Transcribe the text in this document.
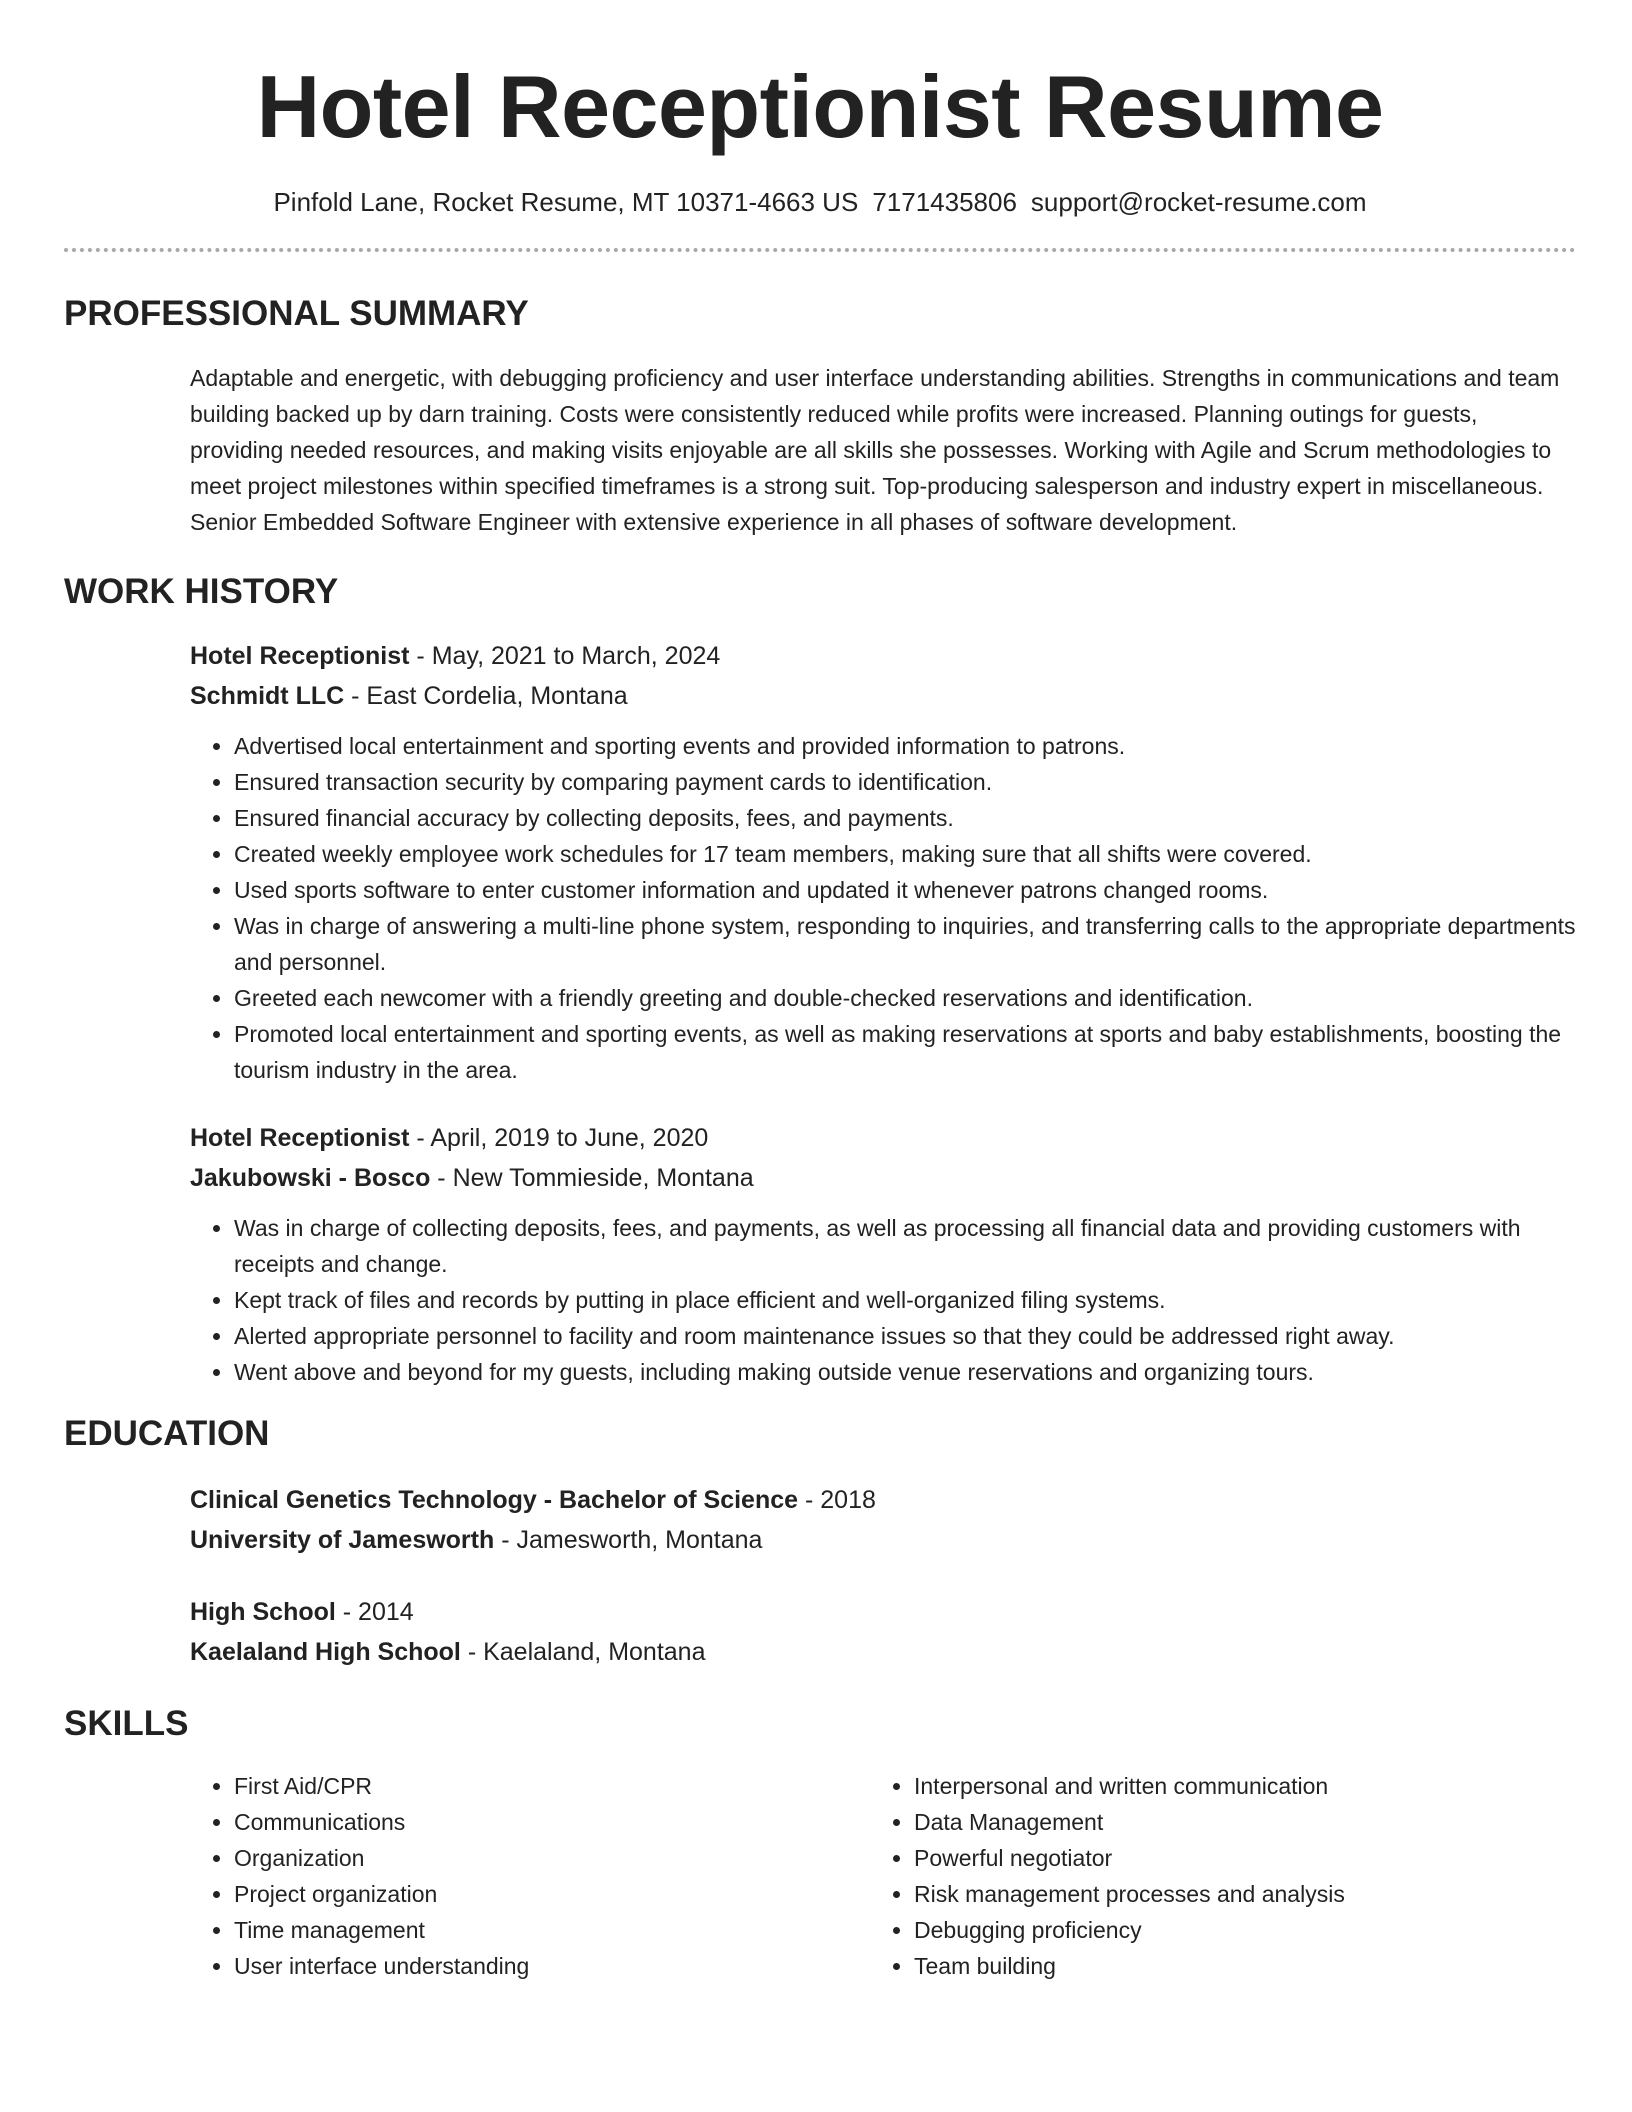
Hotel Receptionist Resume
Pinfold Lane, Rocket Resume, MT 10371-4663 US 7171435806 support@rocket-resume.com
PROFESSIONAL SUMMARY
Adaptable and energetic, with debugging proficiency and user interface understanding abilities. Strengths in communications and team building backed up by darn training. Costs were consistently reduced while profits were increased. Planning outings for guests, providing needed resources, and making visits enjoyable are all skills she possesses. Working with Agile and Scrum methodologies to meet project milestones within specified timeframes is a strong suit. Top-producing salesperson and industry expert in miscellaneous. Senior Embedded Software Engineer with extensive experience in all phases of software development.
WORK HISTORY
Hotel Receptionist - May, 2021 to March, 2024
Schmidt LLC - East Cordelia, Montana
• Advertised local entertainment and sporting events and provided information to patrons.
• Ensured transaction security by comparing payment cards to identification.
• Ensured financial accuracy by collecting deposits, fees, and payments.
• Created weekly employee work schedules for 17 team members, making sure that all shifts were covered.
• Used sports software to enter customer information and updated it whenever patrons changed rooms.
• Was in charge of answering a multi-line phone system, responding to inquiries, and transferring calls to the appropriate departments and personnel.
• Greeted each newcomer with a friendly greeting and double-checked reservations and identification.
• Promoted local entertainment and sporting events, as well as making reservations at sports and baby establishments, boosting the tourism industry in the area.
Hotel Receptionist - April, 2019 to June, 2020
Jakubowski - Bosco - New Tommieside, Montana
• Was in charge of collecting deposits, fees, and payments, as well as processing all financial data and providing customers with receipts and change.
• Kept track of files and records by putting in place efficient and well-organized filing systems.
• Alerted appropriate personnel to facility and room maintenance issues so that they could be addressed right away.
• Went above and beyond for my guests, including making outside venue reservations and organizing tours.
EDUCATION
Clinical Genetics Technology - Bachelor of Science - 2018
University of Jamesworth - Jamesworth, Montana
High School - 2014
Kaelaland High School - Kaelaland, Montana
SKILLS
• First Aid/CPR
• Communications
• Organization
• Project organization
• Time management
• User interface understanding
• Interpersonal and written communication
• Data Management
• Powerful negotiator
• Risk management processes and analysis
• Debugging proficiency
• Team building
